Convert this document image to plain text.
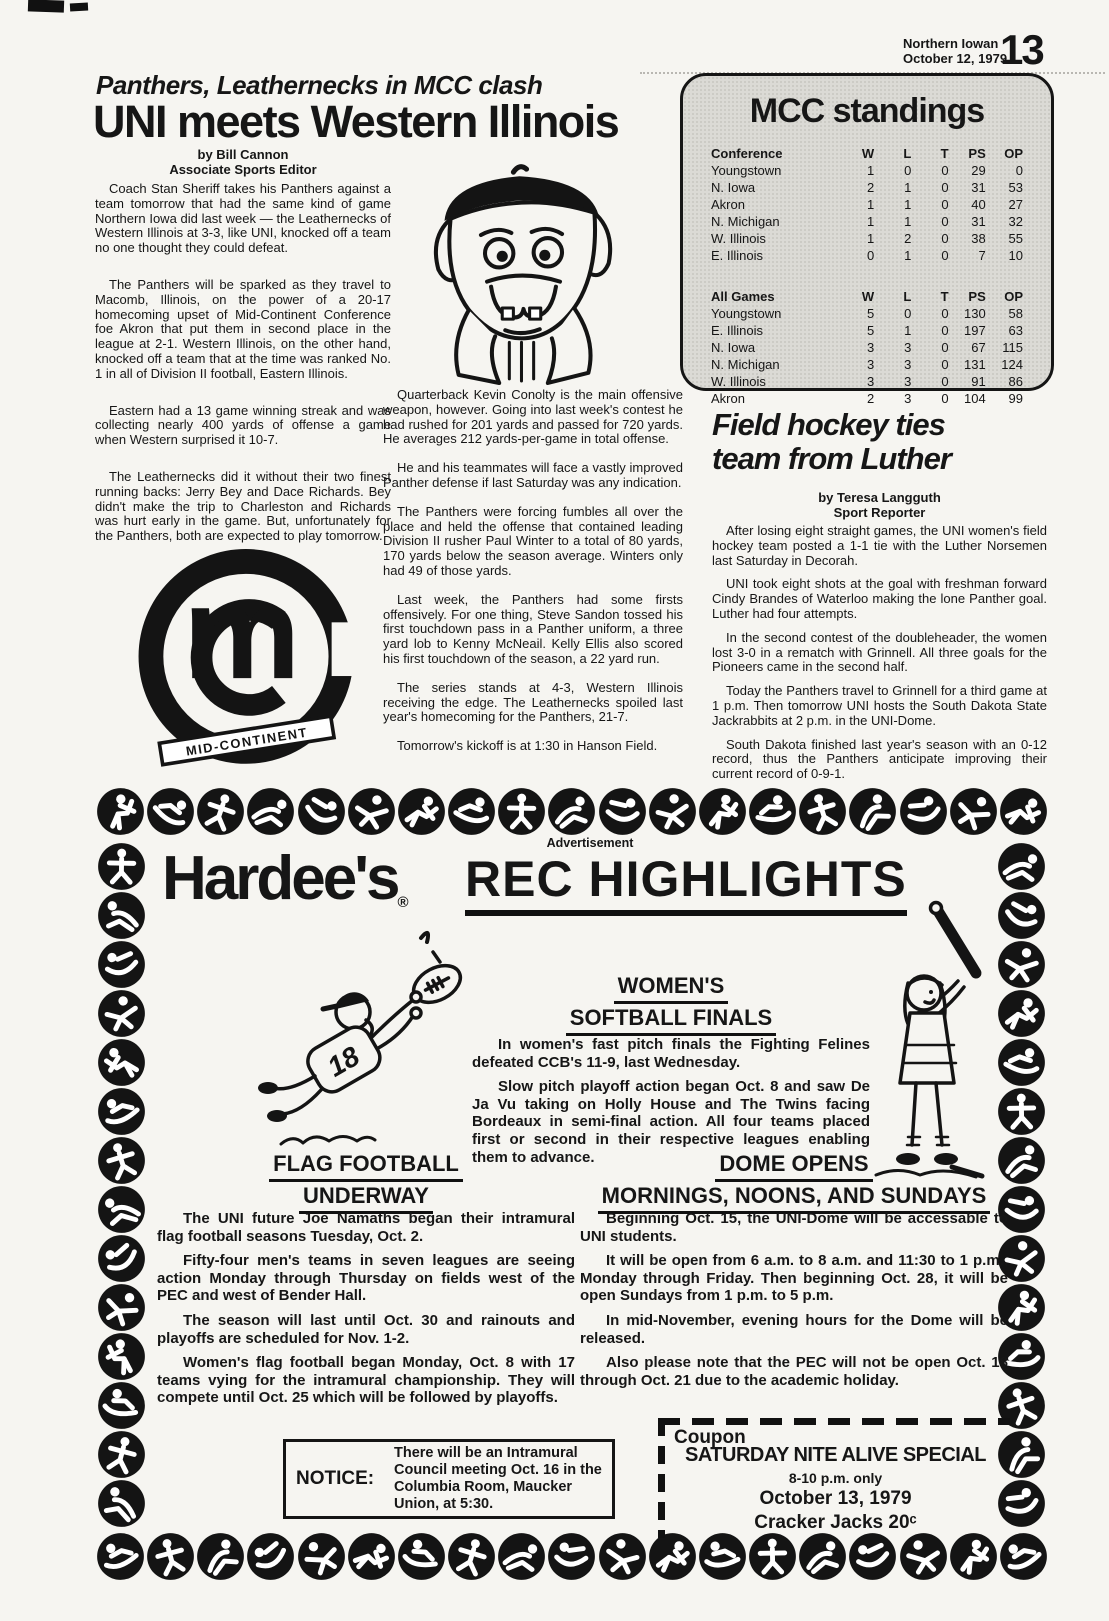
Northern Iowan
October 12, 1979
13
Panthers, Leathernecks in MCC clash
UNI meets Western Illinois
by Bill Cannon
Associate Sports Editor

Coach Stan Sheriff takes his Panthers against a team tomorrow that had the same kind of game Northern Iowa did last week — the Leathernecks of Western Illinois at 3-3, like UNI, knocked off a team no one thought they could defeat.

The Panthers will be sparked as they travel to Macomb, Illinois, on the power of a 20-17 homecoming upset of Mid-Continent Conference foe Akron that put them in second place in the league at 2-1. Western Illinois, on the other hand, knocked off a team that at the time was ranked No. 1 in all of Division II football, Eastern Illinois.

Eastern had a 13 game winning streak and was collecting nearly 400 yards of offense a game when Western surprised it 10-7.

The Leathernecks did it without their two finest running backs: Jerry Bey and Dace Richards. Bey didn't make the trip to Charleston and Richards was hurt early in the game. But, unfortunately for the Panthers, both are expected to play tomorrow.

Quarterback Kevin Conolty is the main offensive weapon, however. Going into last week's contest he had rushed for 201 yards and passed for 720 yards. He averages 212 yards-per-game in total offense.

He and his teammates will face a vastly improved Panther defense if last Saturday was any indication.

The Panthers were forcing fumbles all over the place and held the offense that contained leading Division II rusher Paul Winter to a total of 80 yards, 170 yards below the season average. Winters only had 49 of those yards.

Last week, the Panthers had some firsts offensively. For one thing, Steve Sandon tossed his first touchdown pass in a Panther uniform, a three yard lob to Kenny McNeail. Kelly Ellis also scored his first touchdown of the season, a 22 yard run.

The series stands at 4-3, Western Illinois receiving the edge. The Leathernecks spoiled last year's homecoming for the Panthers, 21-7.

Tomorrow's kickoff is at 1:30 in Hanson Field.

m
MID-CONTINENT
MCC standings
Conference	W	L	T	PS	OP
Youngstown	1	0	0	29	0
N. Iowa	2	1	0	31	53
Akron	1	1	0	40	27
N. Michigan	1	1	0	31	32
W. Illinois	1	2	0	38	55
E. Illinois	0	1	0	7	10
All Games	W	L	T	PS	OP
Youngstown	5	0	0	130	58
E. Illinois	5	1	0	197	63
N. Iowa	3	3	0	67	115
N. Michigan	3	3	0	131	124
W. Illinois	3	3	0	91	86
Akron	2	3	0	104	99
Field hockey ties
team from Luther
by Teresa Langguth
Sport Reporter

After losing eight straight games, the UNI women's field hockey team posted a 1-1 tie with the Luther Norsemen last Saturday in Decorah.

UNI took eight shots at the goal with freshman forward Cindy Brandes of Waterloo making the lone Panther goal. Luther had four attempts.

In the second contest of the doubleheader, the women lost 3-0 in a rematch with Grinnell. All three goals for the Pioneers came in the second half.

Today the Panthers travel to Grinnell for a third game at 1 p.m. Then tomorrow UNI hosts the South Dakota State Jackrabbits at 2 p.m. in the UNI-Dome.

South Dakota finished last year's season with an 0-12 record, thus the Panthers anticipate improving their current record of 0-9-1.

Advertisement
Hardee's® REC HIGHLIGHTS
18
WOMEN'S
SOFTBALL FINALS

In women's fast pitch finals the Fighting Felines defeated CCB's 11-9, last Wednesday.

Slow pitch playoff action began Oct. 8 and saw De Ja Vu taking on Holly House and The Twins facing Bordeaux in semi-final action. All four teams placed first or second in their respective leagues enabling them to advance.

FLAG FOOTBALL
UNDERWAY

The UNI future Joe Namaths began their intramural flag football seasons Tuesday, Oct. 2.

Fifty-four men's teams in seven leagues are seeing action Monday through Thursday on fields west of the PEC and west of Bender Hall.

The season will last until Oct. 30 and rainouts and playoffs are scheduled for Nov. 1-2.

Women's flag football began Monday, Oct. 8 with 17 teams vying for the intramural championship. They will compete until Oct. 25 which will be followed by playoffs.

DOME OPENS
MORNINGS, NOONS, AND SUNDAYS

Beginning Oct. 15, the UNI-Dome will be accessable to UNI students.

It will be open from 6 a.m. to 8 a.m. and 11:30 to 1 p.m., Monday through Friday. Then beginning Oct. 28, it will be open Sundays from 1 p.m. to 5 p.m.

In mid-November, evening hours for the Dome will be released.

Also please note that the PEC will not be open Oct. 18 through Oct. 21 due to the academic holiday.

NOTICE:
There will be an Intramural Council meeting Oct. 16 in the Columbia Room, Maucker Union, at 5:30.
Coupon
SATURDAY NITE ALIVE SPECIAL
8-10 p.m. only
October 13, 1979
Cracker Jacks 20ᶜ
